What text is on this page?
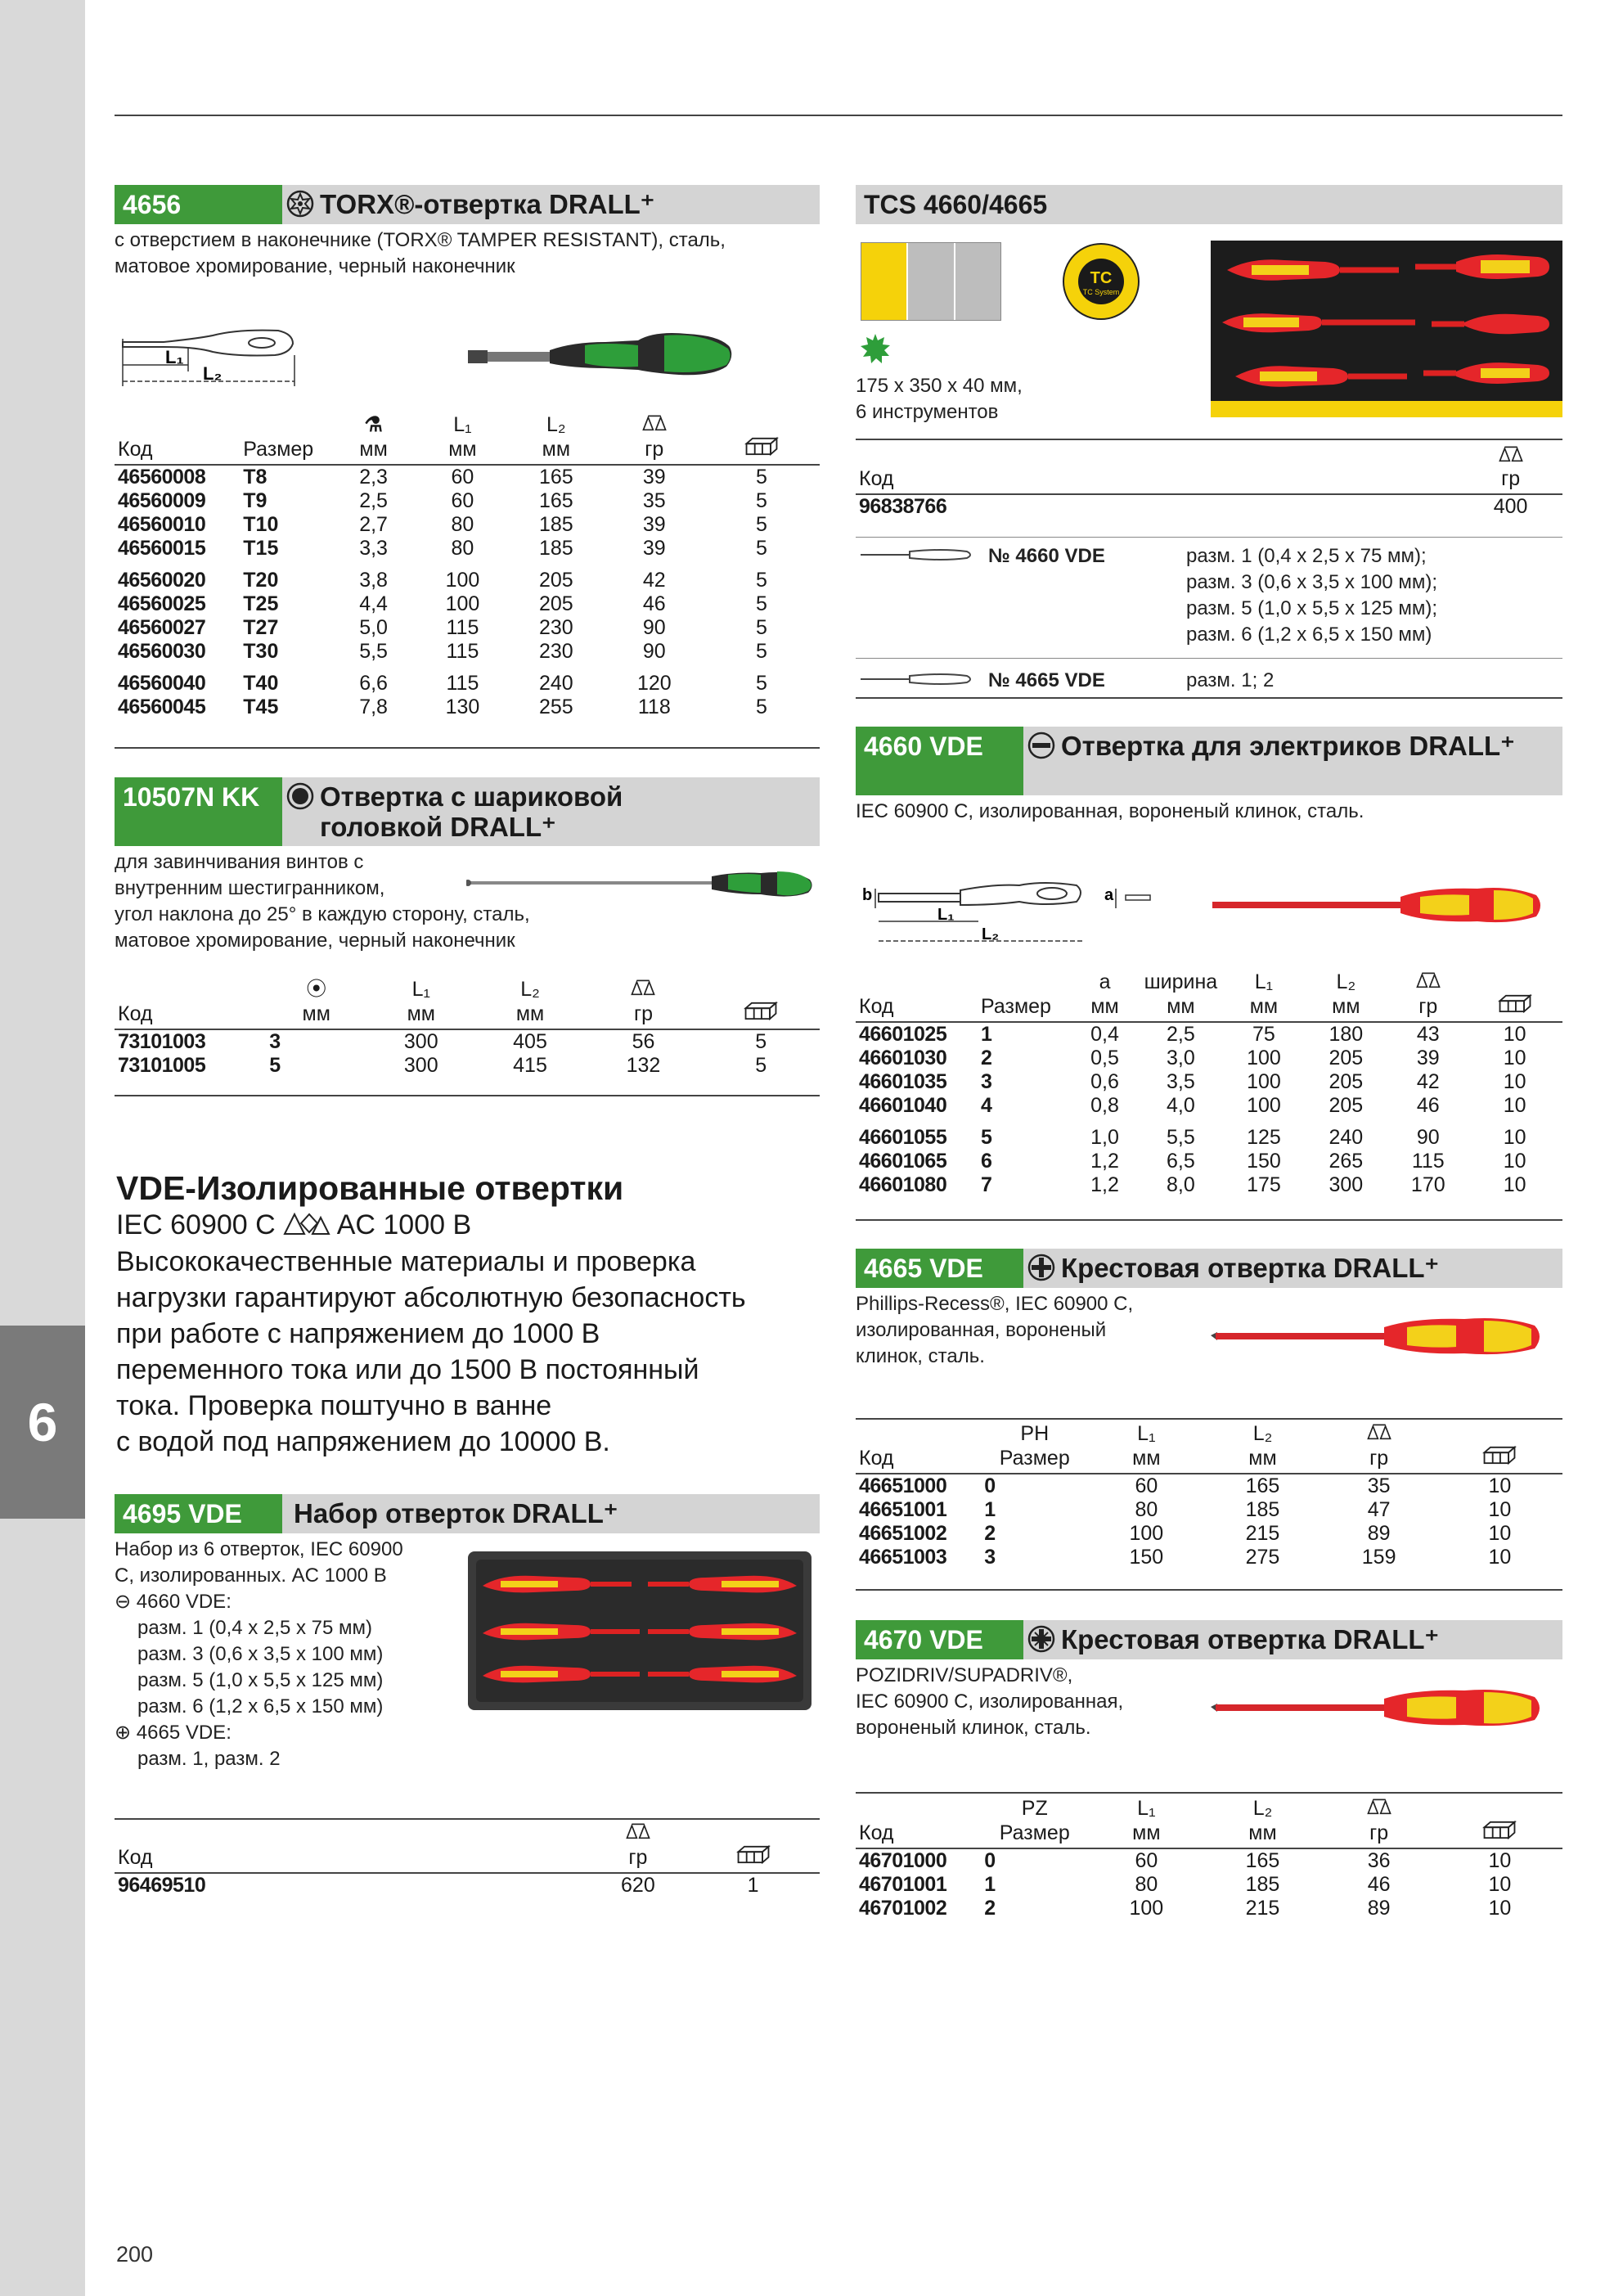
6
200
4656	TORX®-отвертка DRALL⁺
с отверстием в наконечнике (TORX® TAMPER RESISTANT), сталь,
матовое хромирование, черный наконечник
L₁
L₂
		⚗	L₁	L₂		
Код	Размер	мм	мм	мм	гр	
46560008	T8	2,3	60	165	39	5
46560009	T9	2,5	60	165	35	5
46560010	T10	2,7	80	185	39	5
46560015	T15	3,3	80	185	39	5
46560020	T20	3,8	100	205	42	5
46560025	T25	4,4	100	205	46	5
46560027	T27	5,0	115	230	90	5
46560030	T30	5,5	115	230	90	5
46560040	T40	6,6	115	240	120	5
46560045	T45	7,8	130	255	118	5
10507N KK	Отвертка с шариковой головкой DRALL⁺
для завинчивания винтов с
внутренним шестигранником,
угол наклона до 25° в каждую сторону, сталь,
матовое хромирование, черный наконечник
	⦿	L₁	L₂		
Код	мм	мм	мм	гр	
73101003	3	300	405	56	5
73101005	5	300	415	132	5
VDE-Изолированные отвертки
IEC 60900 C AC 1000 B

Высококачественные материалы и проверка
нагрузки гарантируют абсолютную безопасность
при работе с напряжением до 1000 В
переменного тока или до 1500 В постоянный
тока. Проверка поштучно в ванне
с водой под напряжением до 10000 В.

4695 VDE	Набор отверток DRALL⁺
Набор из 6 отверток, IEC 60900
C, изолированных. AC 1000 B
⊖ 4660 VDE:
разм. 1 (0,4 x 2,5 x 75 мм)
разм. 3 (0,6 x 3,5 x 100 мм)
разм. 5 (1,0 x 5,5 x 125 мм)
разм. 6 (1,2 x 6,5 x 150 мм)
⊕ 4665 VDE:
разм. 1, разм. 2

Код	гр	
96469510	620	1
TCS 4660/4665
TC
TC System
175 x 350 x 40 мм,
6 инструментов

Код	гр
96838766	400
№ 4660 VDE	разм. 1 (0,4 x 2,5 x 75 мм);
разм. 3 (0,6 x 3,5 x 100 мм);
разм. 5 (1,0 x 5,5 x 125 мм);
разм. 6 (1,2 x 6,5 x 150 мм)
№ 4665 VDE	разм. 1; 2
4660 VDE	Отвертка для электриков DRALL⁺
IEC 60900 C, изолированная, вороненый клинок, сталь.
b	a
L₁
L₂
		a	ширина	L₁	L₂		
Код	Размер	мм	мм	мм	мм	гр	
46601025	1	0,4	2,5	75	180	43	10
46601030	2	0,5	3,0	100	205	39	10
46601035	3	0,6	3,5	100	205	42	10
46601040	4	0,8	4,0	100	205	46	10
46601055	5	1,0	5,5	125	240	90	10
46601065	6	1,2	6,5	150	265	115	10
46601080	7	1,2	8,0	175	300	170	10
4665 VDE	Крестовая отвертка DRALL⁺
Phillips-Recess®, IEC 60900 C,
изолированная, вороненый
клинок, сталь.
	PH	L₁	L₂		
Код	Размер	мм	мм	гр	
46651000	0	60	165	35	10
46651001	1	80	185	47	10
46651002	2	100	215	89	10
46651003	3	150	275	159	10
4670 VDE	Крестовая отвертка DRALL⁺
POZIDRIV/SUPADRIV®,
IEC 60900 C, изолированная,
вороненый клинок, сталь.
	PZ	L₁	L₂		
Код	Размер	мм	мм	гр	
46701000	0	60	165	36	10
46701001	1	80	185	46	10
46701002	2	100	215	89	10
